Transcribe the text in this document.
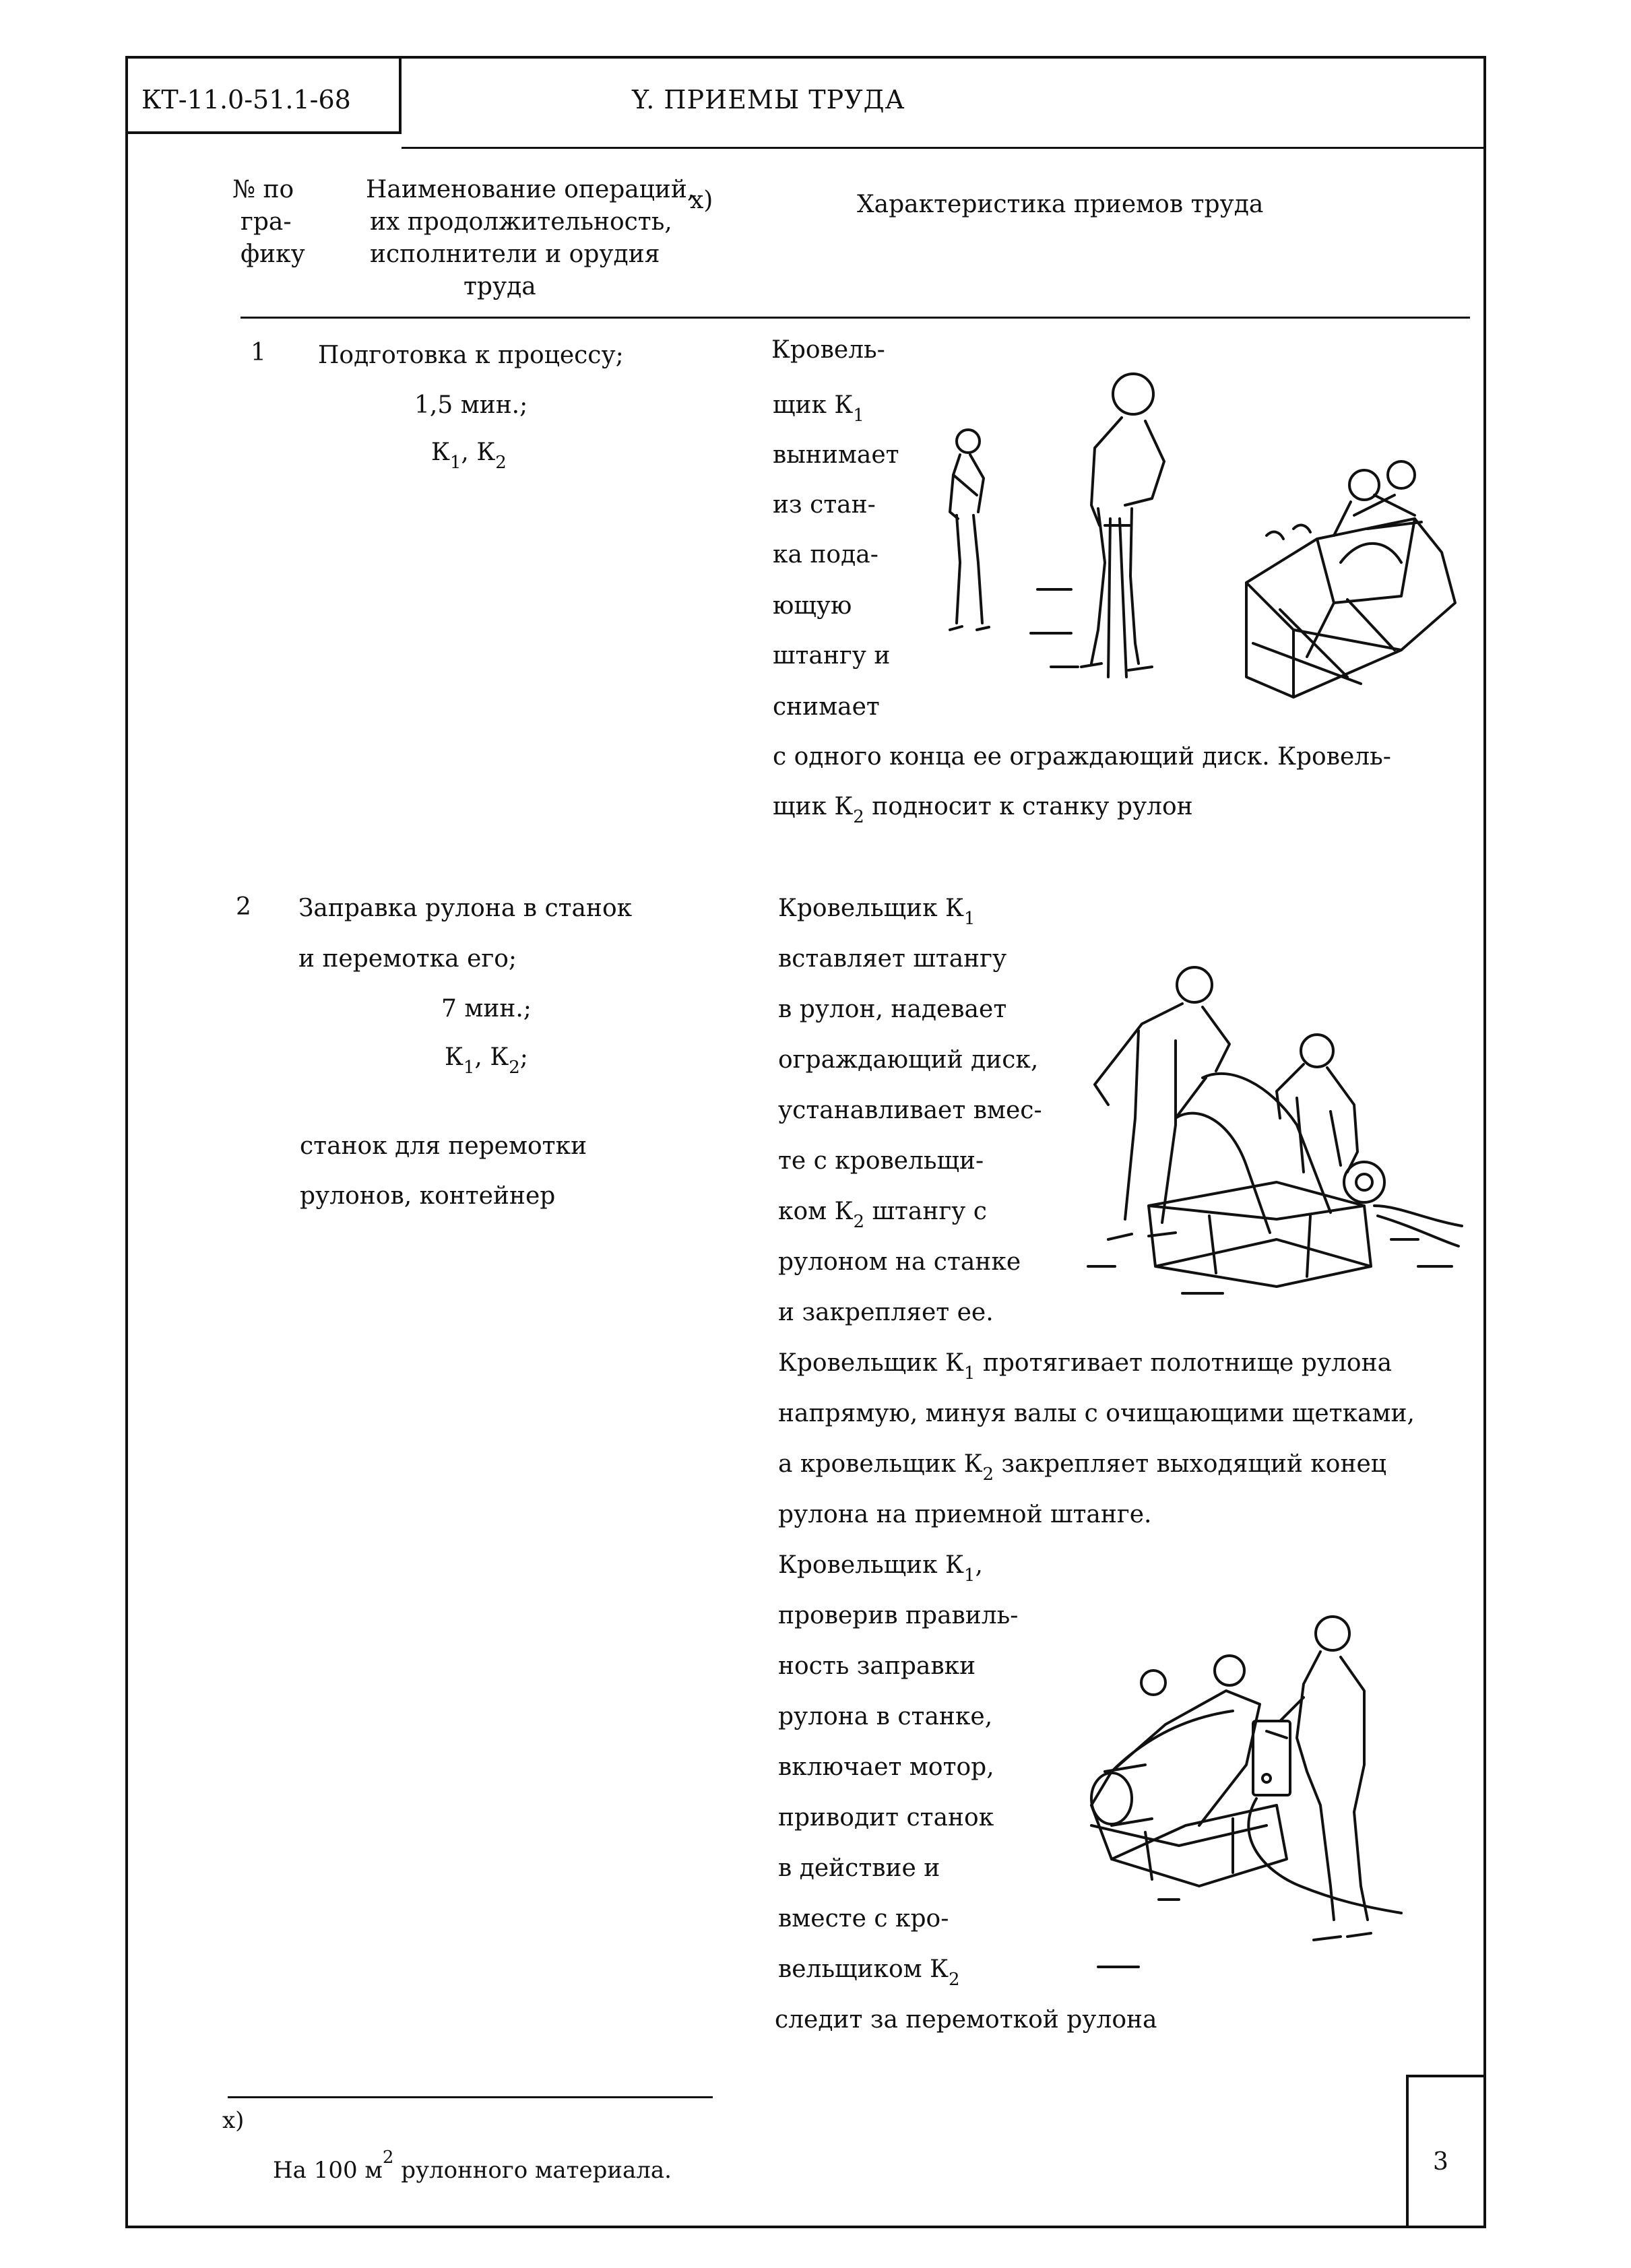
КТ-11.0-51.1-68	Y. ПРИЕМЫ ТРУДА
№ по
гра-
фику
Наименование операций,
x)
их продолжительность,
исполнители и орудия
труда
Характеристика приемов труда
1 Подготовка к процессу;
1,5 мин.;
$К_1$, $К_2$
Кровель-
щик $К_1$
вынимает
из стан-
ка пода-
ющую
штангу и
снимает
с одного конца ее ограждающий диск. Кровель-
щик $К_2$ подносит к станку рулон
2 Заправка рулона в станок
и перемотка его;
7 мин.;
$К_1$, $К_2$;
станок для перемотки
рулонов, контейнер
Кровельщик $К_1$
вставляет штангу
в рулон, надевает
ограждающий диск,
устанавливает вмес-
те с кровельщи-
ком $К_2$ штангу с
рулоном на станке
и закрепляет ее.
Кровельщик $К_1$ протягивает полотнище рулона
напрямую, минуя валы с очищающими щетками,
а кровельщик $К_2$ закрепляет выходящий конец
рулона на приемной штанге.
Кровельщик $К_1$,
проверив правиль-
ность заправки
рулона в станке,
включает мотор,
приводит станок
в действие и
вместе с кро-
вельщиком $К_2$
следит за перемоткой рулона
x)
На 100 $м^2$ рулонного материала.	3
